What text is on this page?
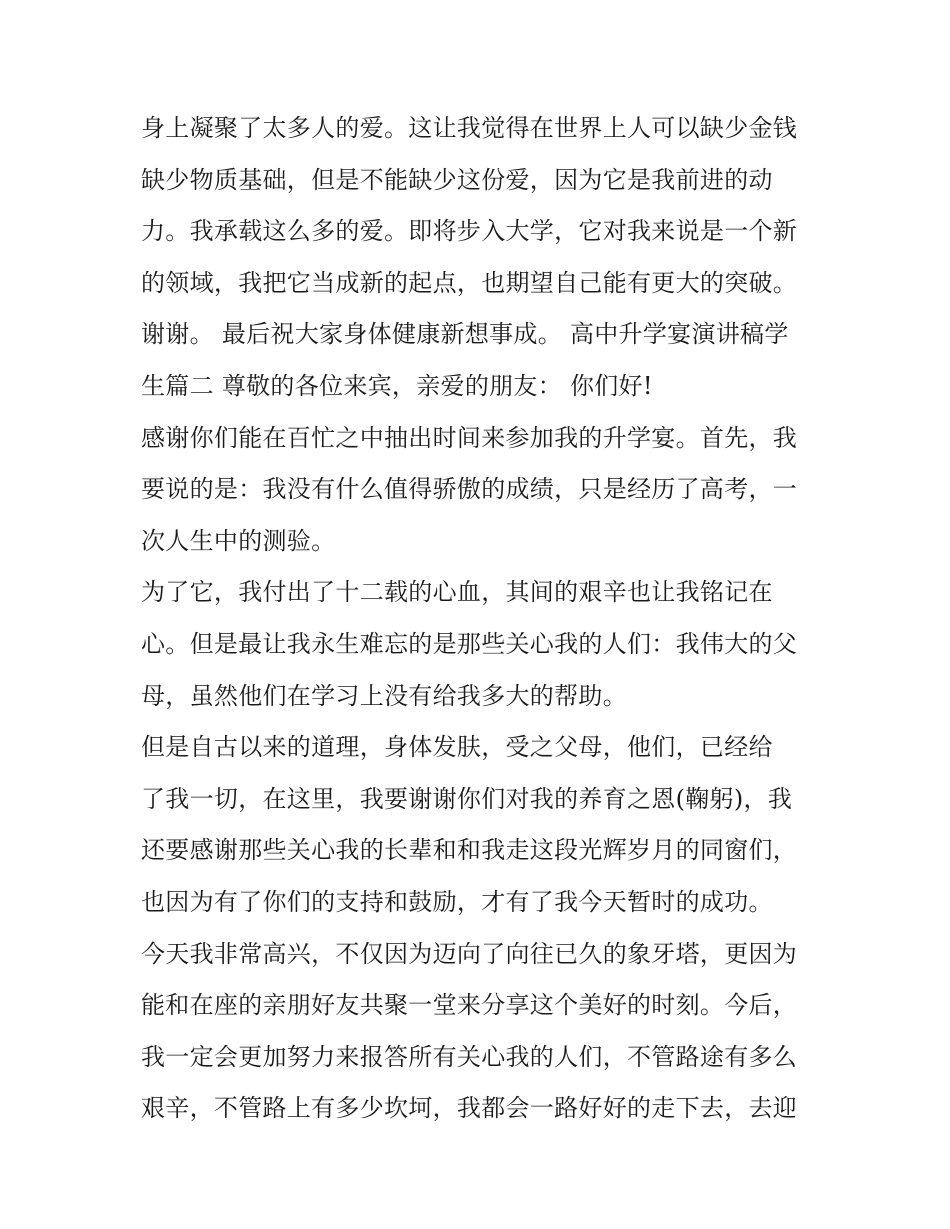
身上凝聚了太多人的爱。这让我觉得在世界上人可以缺少金钱
缺少物质基础，但是不能缺少这份爱，因为它是我前进的动
力。我承载这么多的爱。即将步入大学，它对我来说是一个新
的领域，我把它当成新的起点，也期望自己能有更大的突破。
谢谢。 最后祝大家身体健康新想事成。 高中升学宴演讲稿学
生篇二 尊敬的各位来宾，亲爱的朋友： 你们好!
感谢你们能在百忙之中抽出时间来参加我的升学宴。首先，我
要说的是：我没有什么值得骄傲的成绩，只是经历了高考，一
次人生中的测验。
为了它，我付出了十二载的心血，其间的艰辛也让我铭记在
心。但是最让我永生难忘的是那些关心我的人们：我伟大的父
母，虽然他们在学习上没有给我多大的帮助。
但是自古以来的道理，身体发肤，受之父母，他们，已经给
了我一切，在这里，我要谢谢你们对我的养育之恩(鞠躬)，我
还要感谢那些关心我的长辈和和我走这段光辉岁月的同窗们，
也因为有了你们的支持和鼓励，才有了我今天暂时的成功。
今天我非常高兴，不仅因为迈向了向往已久的象牙塔，更因为
能和在座的亲朋好友共聚一堂来分享这个美好的时刻。今后，
我一定会更加努力来报答所有关心我的人们，不管路途有多么
艰辛，不管路上有多少坎坷，我都会一路好好的走下去，去迎
